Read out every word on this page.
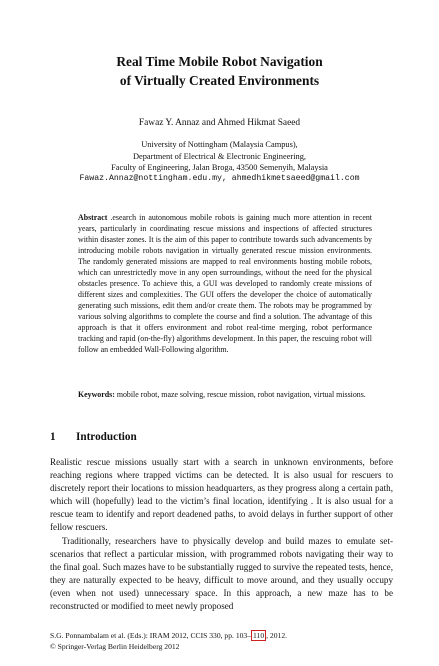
Real Time Mobile Robot Navigation
of Virtually Created Environments
Fawaz Y. Annaz and Ahmed Hikmat Saeed
University of Nottingham (Malaysia Campus),
Department of Electrical & Electronic Engineering,
Faculty of Engineering, Jalan Broga, 43500 Semenyih, Malaysia
Fawaz.Annaz@nottingham.edu.my, ahmedhikmetsaeed@gmail.com
Abstract .esearch in autonomous mobile robots is gaining much more attention in recent years, particularly in coordinating rescue missions and inspections of affected structures within disaster zones. It is the aim of this paper to contribute towards such advancements by introducing mobile robots navigation in virtually generated rescue mission environments. The randomly generated missions are mapped to real environments hosting mobile robots, which can unrestrictedly move in any open surroundings, without the need for the physical obstacles presence. To achieve this, a GUI was developed to randomly create missions of different sizes and complexities. The GUI offers the developer the choice of automatically generating such missions, edit them and/or create them. The robots may be programmed by various solving algorithms to complete the course and find a solution. The advantage of this approach is that it offers environment and robot real-time merging, robot performance tracking and rapid (on-the-fly) algorithms development. In this paper, the rescuing robot will follow an embedded Wall-Following algorithm.
Keywords: mobile robot, maze solving, rescue mission, robot navigation, virtual missions.
1 Introduction

Realistic rescue missions usually start with a search in unknown environments, before reaching regions where trapped victims can be detected. It is also usual for rescuers to discretely report their locations to mission headquarters, as they progress along a certain path, which will (hopefully) lead to the victim’s final location, identifying . It is also usual for a rescue team to identify and report deadened paths, to avoid delays in further support of other fellow rescuers.

Traditionally, researchers have to physically develop and build mazes to emulate set-scenarios that reflect a particular mission, with programmed robots navigating their way to the final goal. Such mazes have to be substantially rugged to survive the repeated tests, hence, they are naturally expected to be heavy, difficult to move around, and they usually occupy (even when not used) unnecessary space. In this approach, a new maze has to be reconstructed or modified to meet newly proposed

S.G. Ponnambalam et al. (Eds.): IRAM 2012, CCIS 330, pp. 103– 110 , 2012.
© Springer-Verlag Berlin Heidelberg 2012
